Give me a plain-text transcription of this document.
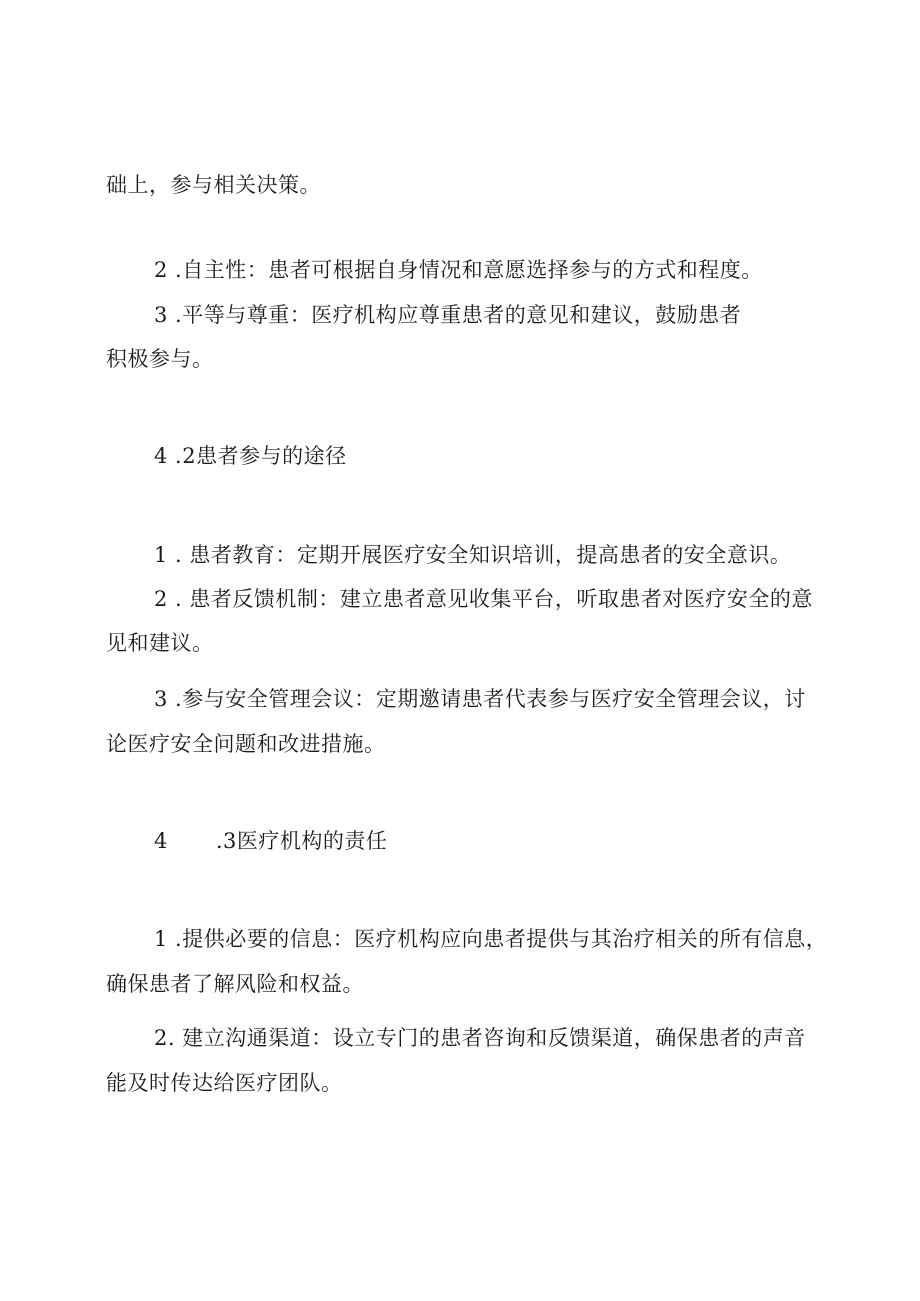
础上，参与相关决策。
2 .自主性：患者可根据自身情况和意愿选择参与的方式和程度。
3 .平等与尊重：医疗机构应尊重患者的意见和建议，鼓励患者
积极参与。
4 .2患者参与的途径
1 . 患者教育：定期开展医疗安全知识培训，提高患者的安全意识。
2 . 患者反馈机制：建立患者意见收集平台，听取患者对医疗安全的意
见和建议。
3 .参与安全管理会议：定期邀请患者代表参与医疗安全管理会议，讨
论医疗安全问题和改进措施。
4 .3医疗机构的责任
1 .提供必要的信息：医疗机构应向患者提供与其治疗相关的所有信息，
确保患者了解风险和权益。
2. 建立沟通渠道：设立专门的患者咨询和反馈渠道，确保患者的声音
能及时传达给医疗团队。
